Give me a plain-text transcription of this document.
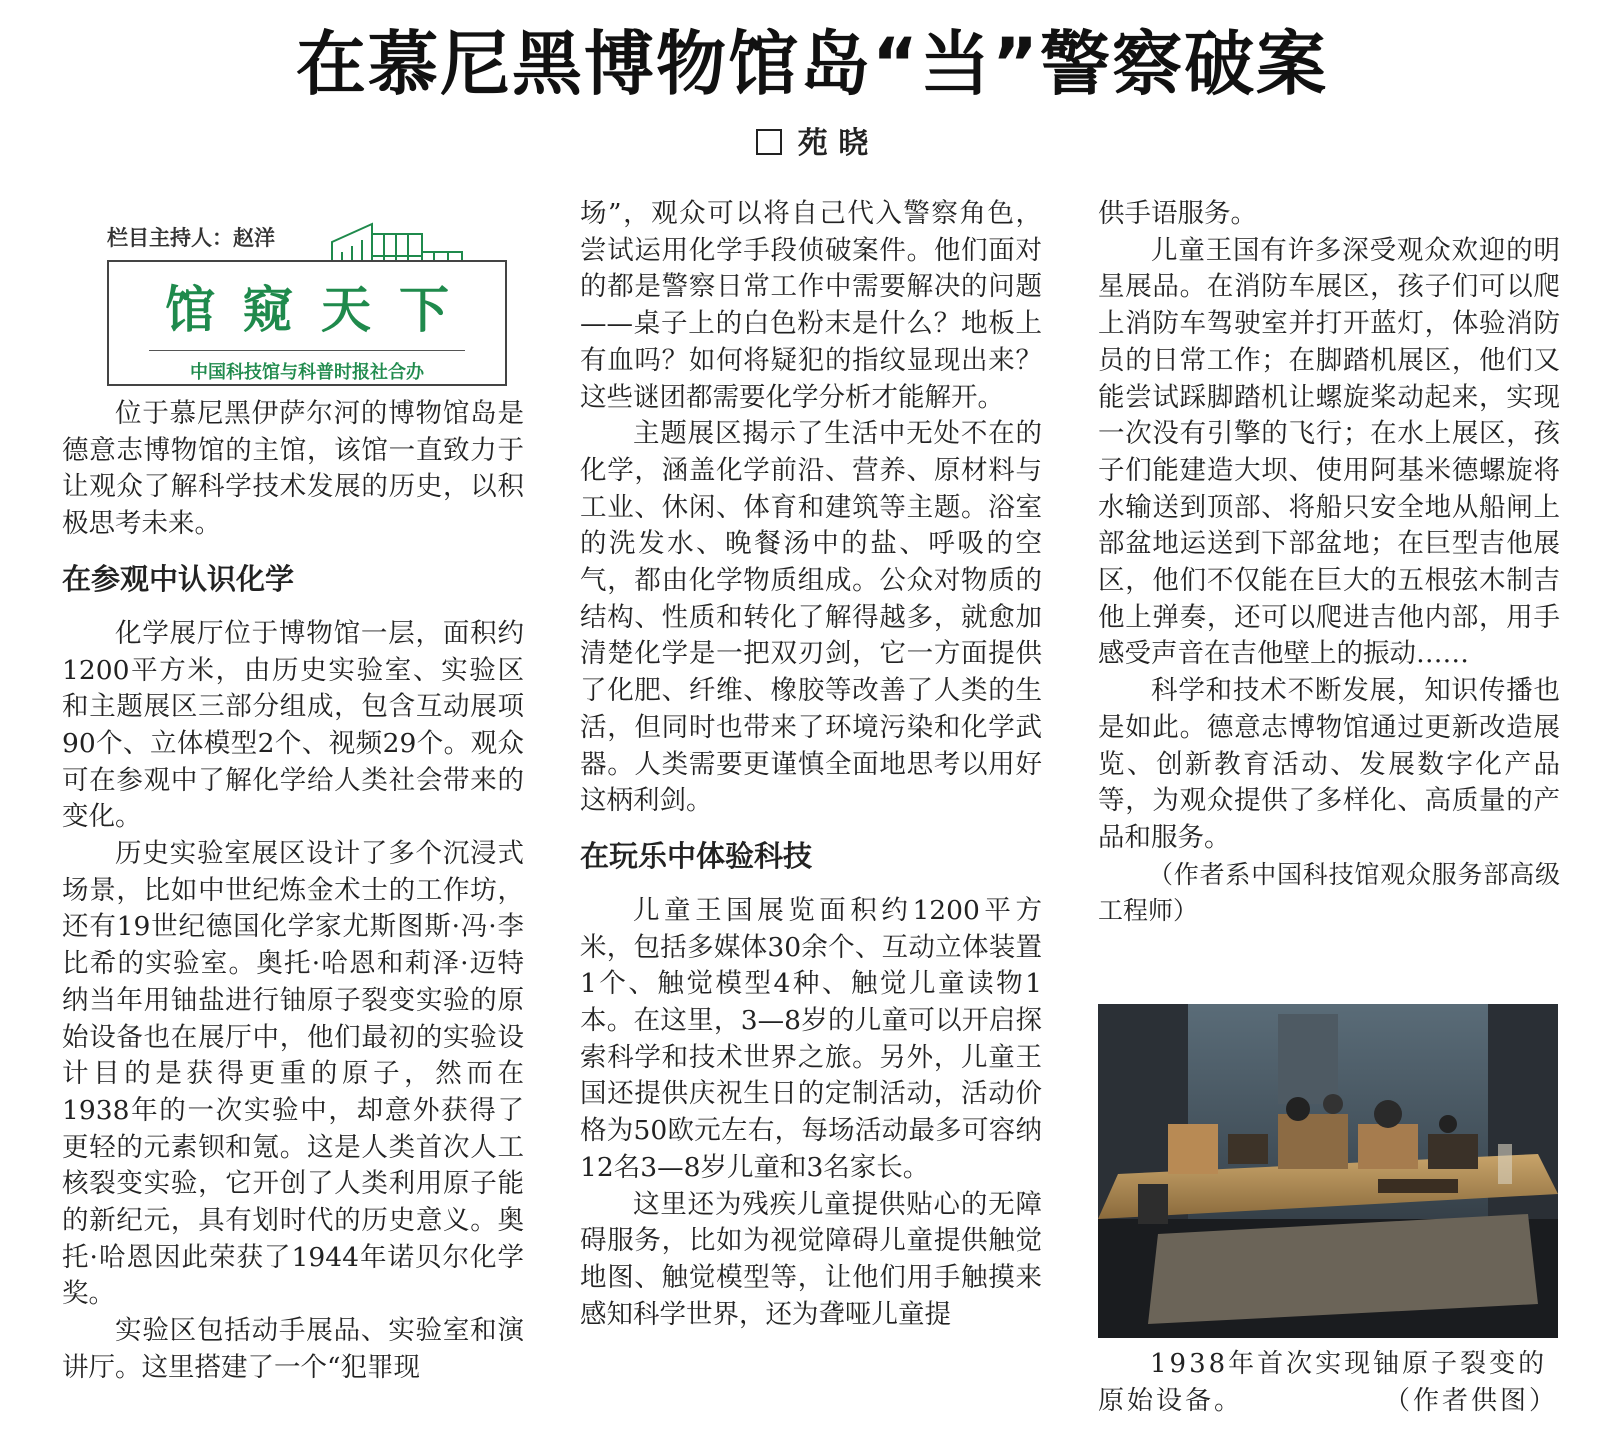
在慕尼黑博物馆岛“当”警察破案
苑 晓
栏目主持人：赵洋
馆窥天下
中国科技馆与科普时报社合办

位于慕尼黑伊萨尔河的博物馆岛是德意志博物馆的主馆，该馆一直致力于让观众了解科学技术发展的历史，以积极思考未来。

在参观中认识化学

化学展厅位于博物馆一层，面积约1200平方米，由历史实验室、实验区和主题展区三部分组成，包含互动展项90个、立体模型2个、视频29个。观众可在参观中了解化学给人类社会带来的变化。

历史实验室展区设计了多个沉浸式场景，比如中世纪炼金术士的工作坊，还有19世纪德国化学家尤斯图斯·冯·李比希的实验室。奥托·哈恩和莉泽·迈特纳当年用铀盐进行铀原子裂变实验的原始设备也在展厅中，他们最初的实验设计目的是获得更重的原子，然而在1938年的一次实验中，却意外获得了更轻的元素钡和氪。这是人类首次人工核裂变实验，它开创了人类利用原子能的新纪元，具有划时代的历史意义。奥托·哈恩因此荣获了1944年诺贝尔化学奖。

实验区包括动手展品、实验室和演讲厅。这里搭建了一个“犯罪现

场”，观众可以将自己代入警察角色，尝试运用化学手段侦破案件。他们面对的都是警察日常工作中需要解决的问题——桌子上的白色粉末是什么？地板上有血吗？如何将疑犯的指纹显现出来？这些谜团都需要化学分析才能解开。

主题展区揭示了生活中无处不在的化学，涵盖化学前沿、营养、原材料与工业、休闲、体育和建筑等主题。浴室的洗发水、晚餐汤中的盐、呼吸的空气，都由化学物质组成。公众对物质的结构、性质和转化了解得越多，就愈加清楚化学是一把双刃剑，它一方面提供了化肥、纤维、橡胶等改善了人类的生活，但同时也带来了环境污染和化学武器。人类需要更谨慎全面地思考以用好这柄利剑。

在玩乐中体验科技

儿童王国展览面积约1200平方米，包括多媒体30余个、互动立体装置1个、触觉模型4种、触觉儿童读物1本。在这里，3—8岁的儿童可以开启探索科学和技术世界之旅。另外，儿童王国还提供庆祝生日的定制活动，活动价格为50欧元左右，每场活动最多可容纳12名3—8岁儿童和3名家长。

这里还为残疾儿童提供贴心的无障碍服务，比如为视觉障碍儿童提供触觉地图、触觉模型等，让他们用手触摸来感知科学世界，还为聋哑儿童提

供手语服务。

儿童王国有许多深受观众欢迎的明星展品。在消防车展区，孩子们可以爬上消防车驾驶室并打开蓝灯，体验消防员的日常工作；在脚踏机展区，他们又能尝试踩脚踏机让螺旋桨动起来，实现一次没有引擎的飞行；在水上展区，孩子们能建造大坝、使用阿基米德螺旋将水输送到顶部、将船只安全地从船闸上部盆地运送到下部盆地；在巨型吉他展区，他们不仅能在巨大的五根弦木制吉他上弹奏，还可以爬进吉他内部，用手感受声音在吉他壁上的振动……

科学和技术不断发展，知识传播也是如此。德意志博物馆通过更新改造展览、创新教育活动、发展数字化产品等，为观众提供了多样化、高质量的产品和服务。

（作者系中国科技馆观众服务部高级工程师）

1938年首次实现铀原子裂变的

原始设备。	（作者供图）
